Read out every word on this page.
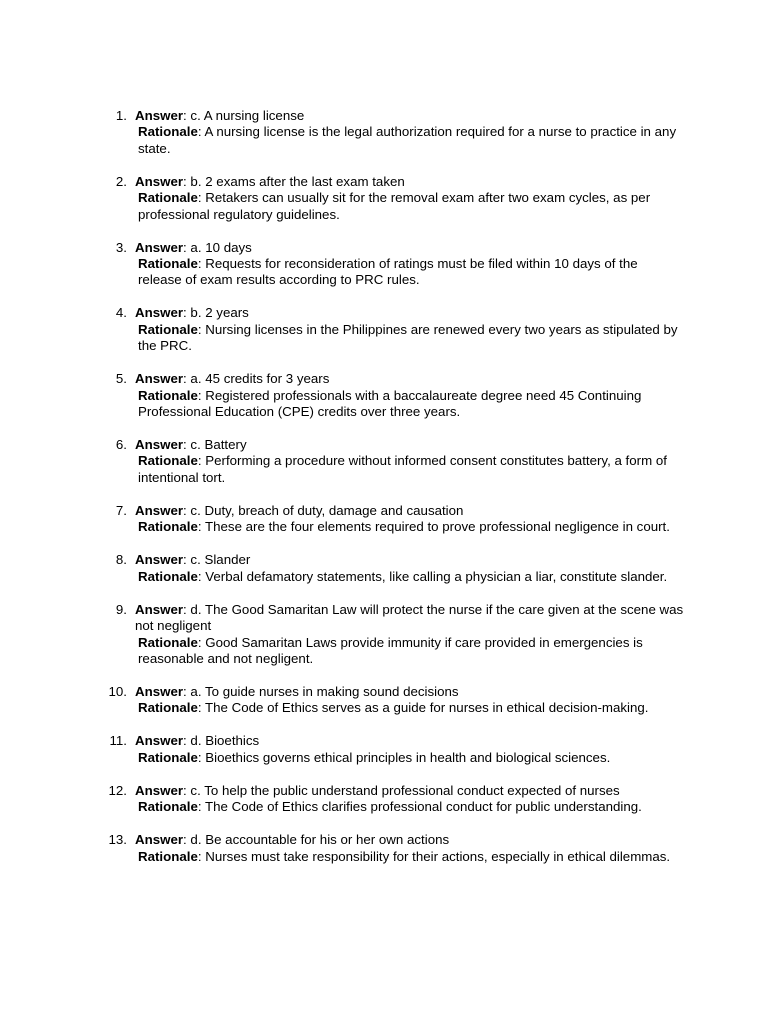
1. Answer: c. A nursing license
Rationale: A nursing license is the legal authorization required for a nurse to practice in any state.
2. Answer: b. 2 exams after the last exam taken
Rationale: Retakers can usually sit for the removal exam after two exam cycles, as per professional regulatory guidelines.
3. Answer: a. 10 days
Rationale: Requests for reconsideration of ratings must be filed within 10 days of the release of exam results according to PRC rules.
4. Answer: b. 2 years
Rationale: Nursing licenses in the Philippines are renewed every two years as stipulated by the PRC.
5. Answer: a. 45 credits for 3 years
Rationale: Registered professionals with a baccalaureate degree need 45 Continuing Professional Education (CPE) credits over three years.
6. Answer: c. Battery
Rationale: Performing a procedure without informed consent constitutes battery, a form of intentional tort.
7. Answer: c. Duty, breach of duty, damage and causation
Rationale: These are the four elements required to prove professional negligence in court.
8. Answer: c. Slander
Rationale: Verbal defamatory statements, like calling a physician a liar, constitute slander.
9. Answer: d. The Good Samaritan Law will protect the nurse if the care given at the scene was not negligent
Rationale: Good Samaritan Laws provide immunity if care provided in emergencies is reasonable and not negligent.
10. Answer: a. To guide nurses in making sound decisions
Rationale: The Code of Ethics serves as a guide for nurses in ethical decision-making.
11. Answer: d. Bioethics
Rationale: Bioethics governs ethical principles in health and biological sciences.
12. Answer: c. To help the public understand professional conduct expected of nurses
Rationale: The Code of Ethics clarifies professional conduct for public understanding.
13. Answer: d. Be accountable for his or her own actions
Rationale: Nurses must take responsibility for their actions, especially in ethical dilemmas.
